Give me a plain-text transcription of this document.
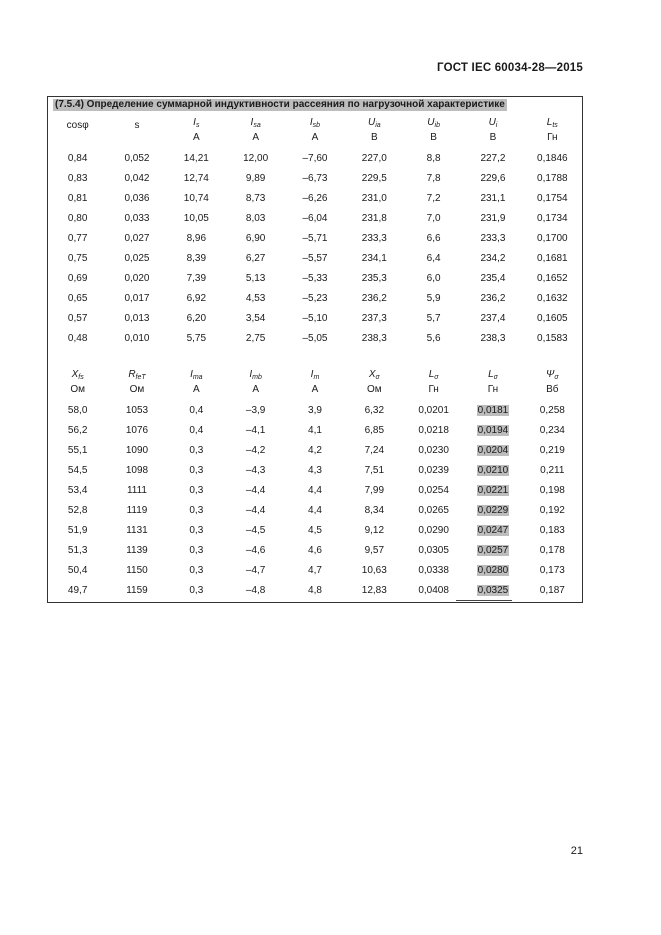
ГОСТ IEC 60034-28—2015
(7.5.4) Определение суммарной индуктивности рассеяния по нагрузочной характеристике
cosφ	s	$I_s$	$I_{sa}$	$I_{sb}$	$U_{ia}$	$U_{ib}$	$U_i$	$L_{ts}$
		А	А	А	В	В	В	Гн

0,84	0,052	14,21	12,00	–7,60	227,0	8,8	227,2	0,1846
0,83	0,042	12,74	9,89	–6,73	229,5	7,8	229,6	0,1788
0,81	0,036	10,74	8,73	–6,26	231,0	7,2	231,1	0,1754
0,80	0,033	10,05	8,03	–6,04	231,8	7,0	231,9	0,1734
0,77	0,027	8,96	6,90	–5,71	233,3	6,6	233,3	0,1700
0,75	0,025	8,39	6,27	–5,57	234,1	6,4	234,2	0,1681
0,69	0,020	7,39	5,13	–5,33	235,3	6,0	235,4	0,1652
0,65	0,017	6,92	4,53	–5,23	236,2	5,9	236,2	0,1632
0,57	0,013	6,20	3,54	–5,10	237,3	5,7	237,4	0,1605
0,48	0,010	5,75	2,75	–5,05	238,3	5,6	238,3	0,1583
$X_{fs}$	$R_{feT}$	$I_{ma}$	$I_{mb}$	$I_m$	$X_\sigma$	$L_\sigma$	$L_\sigma$	$\Psi_\sigma$
Ом	Ом	А	А	А	Ом	Гн	Гн	Вб

58,0	1053	0,4	–3,9	3,9	6,32	0,0201	0,0181	0,258
56,2	1076	0,4	–4,1	4,1	6,85	0,0218	0,0194	0,234
55,1	1090	0,3	–4,2	4,2	7,24	0,0230	0,0204	0,219
54,5	1098	0,3	–4,3	4,3	7,51	0,0239	0,0210	0,211
53,4	1111	0,3	–4,4	4,4	7,99	0,0254	0,0221	0,198
52,8	1119	0,3	–4,4	4,4	8,34	0,0265	0,0229	0,192
51,9	1131	0,3	–4,5	4,5	9,12	0,0290	0,0247	0,183
51,3	1139	0,3	–4,6	4,6	9,57	0,0305	0,0257	0,178
50,4	1150	0,3	–4,7	4,7	10,63	0,0338	0,0280	0,173
49,7	1159	0,3	–4,8	4,8	12,83	0,0408	0,0325	0,187
21
